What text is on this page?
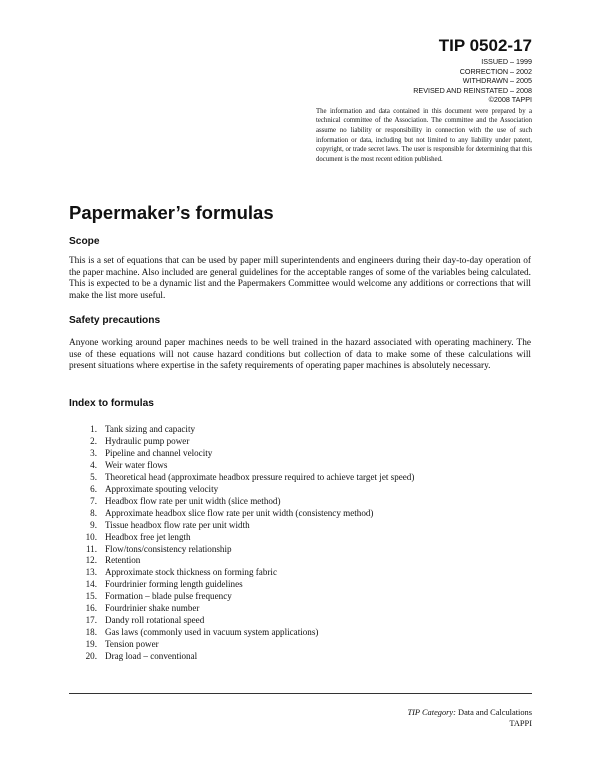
TIP 0502-17
ISSUED – 1999
CORRECTION – 2002
WITHDRAWN – 2005
REVISED AND REINSTATED – 2008
©2008 TAPPI

The information and data contained in this document were prepared by a technical committee of the Association. The committee and the Association assume no liability or responsibility in connection with the use of such information or data, including but not limited to any liability under patent, copyright, or trade secret laws. The user is responsible for determining that this document is the most recent edition published.

Papermaker’s formulas
Scope

This is a set of equations that can be used by paper mill superintendents and engineers during their day-to-day operation of the paper machine. Also included are general guidelines for the acceptable ranges of some of the variables being calculated. This is expected to be a dynamic list and the Papermakers Committee would welcome any additions or corrections that will make the list more useful.

Safety precautions

Anyone working around paper machines needs to be well trained in the hazard associated with operating machinery. The use of these equations will not cause hazard conditions but collection of data to make some of these calculations will present situations where expertise in the safety requirements of operating paper machines is absolutely necessary.

Index to formulas
1. Tank sizing and capacity
2. Hydraulic pump power
3. Pipeline and channel velocity
4. Weir water flows
5. Theoretical head (approximate headbox pressure required to achieve target jet speed)
6. Approximate spouting velocity
7. Headbox flow rate per unit width (slice method)
8. Approximate headbox slice flow rate per unit width (consistency method)
9. Tissue headbox flow rate per unit width
10. Headbox free jet length
11. Flow/tons/consistency relationship
12. Retention
13. Approximate stock thickness on forming fabric
14. Fourdrinier forming length guidelines
15. Formation – blade pulse frequency
16. Fourdrinier shake number
17. Dandy roll rotational speed
18. Gas laws (commonly used in vacuum system applications)
19. Tension power
20. Drag load – conventional
TIP Category: Data and Calculations
TAPPI
